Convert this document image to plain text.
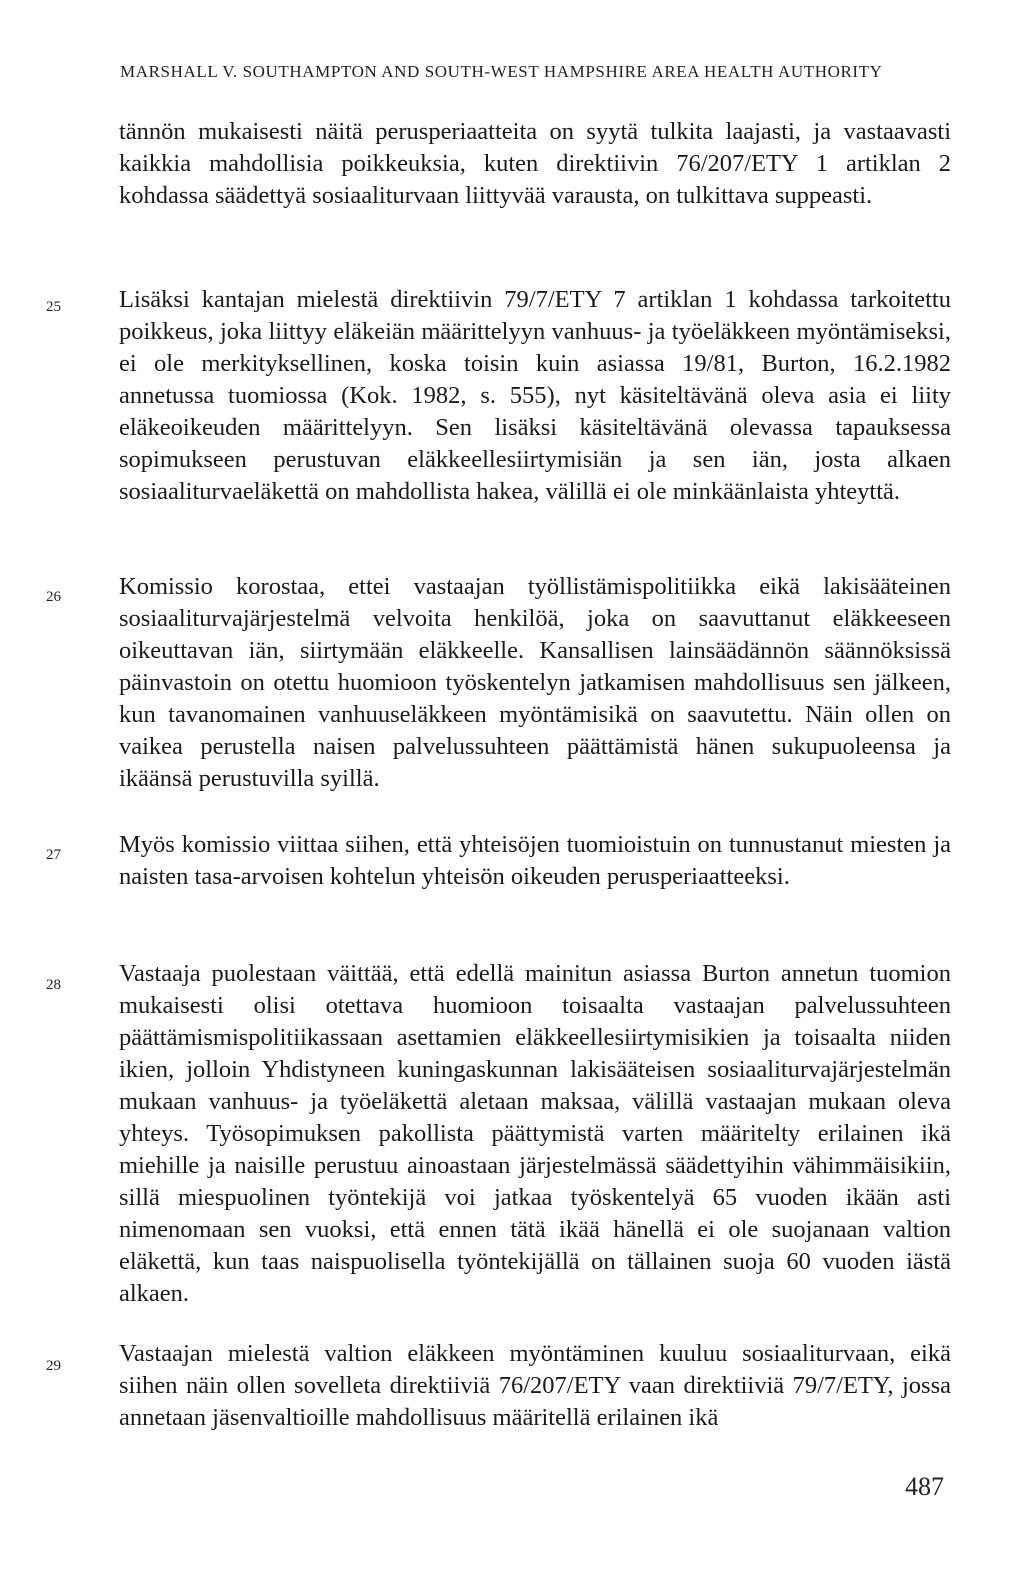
MARSHALL V. SOUTHAMPTON AND SOUTH-WEST HAMPSHIRE AREA HEALTH AUTHORITY
tännön mukaisesti näitä perusperiaatteita on syytä tulkita laajasti, ja vastaavasti kaikkia mahdollisia poikkeuksia, kuten direktiivin 76/207/ETY 1 artiklan 2 kohdassa säädettyä sosiaaliturvaan liittyvää varausta, on tulkittava suppeasti.
25 Lisäksi kantajan mielestä direktiivin 79/7/ETY 7 artiklan 1 kohdassa tarkoitettu poikkeus, joka liittyy eläkeiän määrittelyyn vanhuus- ja työeläkkeen myöntämiseksi, ei ole merkityksellinen, koska toisin kuin asiassa 19/81, Burton, 16.2.1982 annetussa tuomiossa (Kok. 1982, s. 555), nyt käsiteltävänä oleva asia ei liity eläkeoikeuden määrittelyyn. Sen lisäksi käsiteltävänä olevassa tapauksessa sopimukseen perustuvan eläkkeellesiirtymisiän ja sen iän, josta alkaen sosiaaliturvaeläkettä on mahdollista hakea, välillä ei ole minkäänlaista yhteyttä.
26 Komissio korostaa, ettei vastaajan työllistämispolitiikka eikä lakisääteinen sosiaaliturvajärjestelmä velvoita henkilöä, joka on saavuttanut eläkkeeseen oikeuttavan iän, siirtymään eläkkeelle. Kansallisen lainsäädännön säännöksissä päinvastoin on otettu huomioon työskentelyn jatkamisen mahdollisuus sen jälkeen, kun tavanomainen vanhuuseläkkeen myöntämisikä on saavutettu. Näin ollen on vaikea perustella naisen palvelussuhteen päättämistä hänen sukupuoleensa ja ikäänsä perustuvilla syillä.
27 Myös komissio viittaa siihen, että yhteisöjen tuomioistuin on tunnustanut miesten ja naisten tasa-arvoisen kohtelun yhteisön oikeuden perusperiaatteeksi.
28 Vastaaja puolestaan väittää, että edellä mainitun asiassa Burton annetun tuomion mukaisesti olisi otettava huomioon toisaalta vastaajan palvelussuhteen päättämismispolitiikassaan asettamien eläkkeellesiirtymisikien ja toisaalta niiden ikien, jolloin Yhdistyneen kuningaskunnan lakisääteisen sosiaaliturvajärjestelmän mukaan vanhuus- ja työeläkettä aletaan maksaa, välillä vastaajan mukaan oleva yhteys. Työsopimuksen pakollista päättymistä varten määritelty erilainen ikä miehille ja naisille perustuu ainoastaan järjestelmässä säädettyihin vähimmäisikiin, sillä miespuolinen työntekijä voi jatkaa työskentelyä 65 vuoden ikään asti nimenomaan sen vuoksi, että ennen tätä ikää hänellä ei ole suojanaan valtion eläkettä, kun taas naispuolisella työntekijällä on tällainen suoja 60 vuoden iästä alkaen.
29 Vastaajan mielestä valtion eläkkeen myöntäminen kuuluu sosiaaliturvaan, eikä siihen näin ollen sovelleta direktiiviä 76/207/ETY vaan direktiiviä 79/7/ETY, jossa annetaan jäsenvaltioille mahdollisuus määritellä erilainen ikä
487
